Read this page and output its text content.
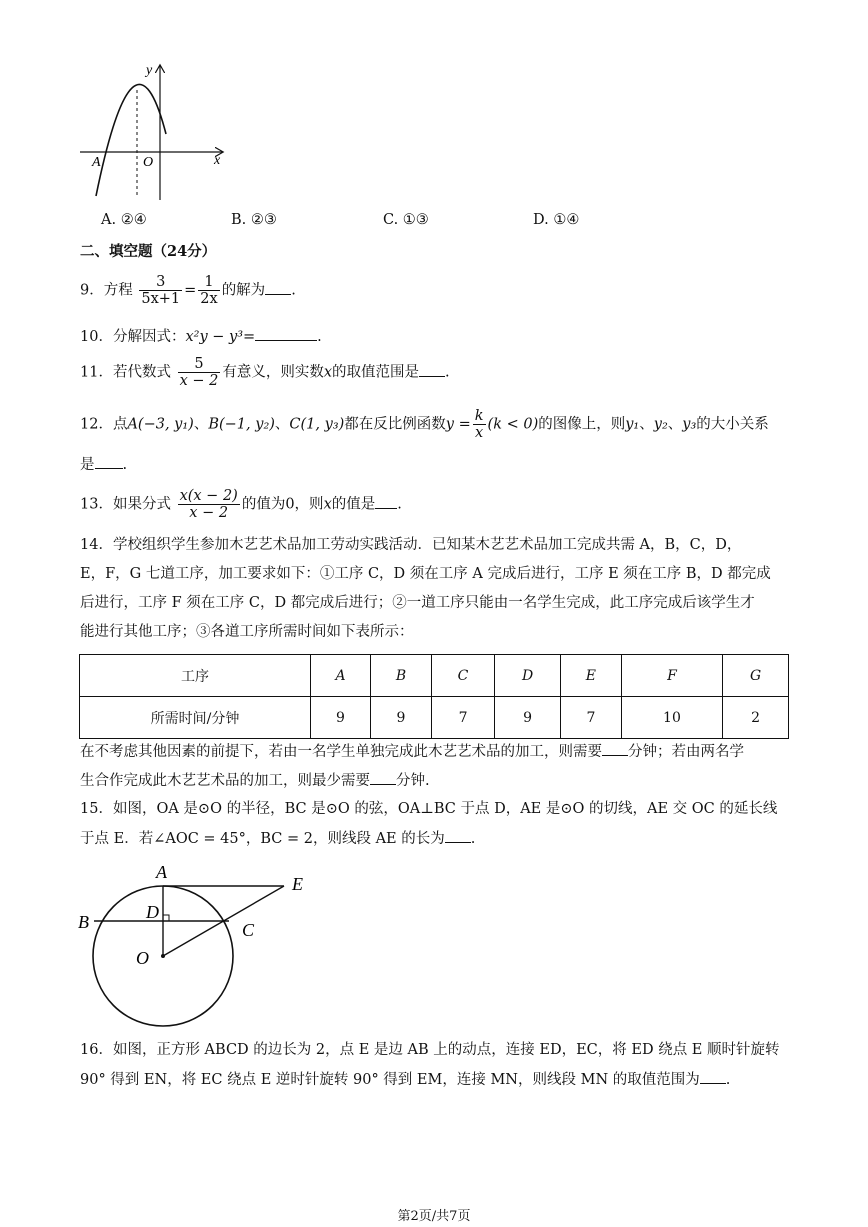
y
x
O
A
A. ②④	B. ②③	C. ①③	D. ①④
二、填空题（24分）
9．方程 $\frac{3}{5x+1} = \frac{1}{2x}$ 的解为 .
10．分解因式：x²y − y³=	.
11．若代数式 $\frac{5}{x - 2}$ 有意义，则实数x的取值范围是 .
12．点A(−3, y₁)、B(−1, y₂)、C(1, y₃)都在反比例函数$y = \frac{k}{x} (k < 0)$的图像上，则y₁、y₂、y₃的大小关系
是 .
13．如果分式 $\frac{x(x - 2)}{x - 2}$ 的值为0，则x的值是 .
14．学校组织学生参加木艺艺术品加工劳动实践活动．已知某木艺艺术品加工完成共需 A，B，C，D，
E，F，G 七道工序，加工要求如下：①工序 C，D 须在工序 A 完成后进行，工序 E 须在工序 B，D 都完成
后进行，工序 F 须在工序 C，D 都完成后进行；②一道工序只能由一名学生完成，此工序完成后该学生才
能进行其他工序；③各道工序所需时间如下表所示：
工序	A	B	C	D	E	F	G
所需时间/分钟	9	9	7	9	7	10	2
在不考虑其他因素的前提下，若由一名学生单独完成此木艺艺术品的加工，则需要 分钟；若由两名学
生合作完成此木艺艺术品的加工，则最少需要 分钟.
15．如图，OA 是⊙O 的半径，BC 是⊙O 的弦，OA⊥BC 于点 D，AE 是⊙O 的切线，AE 交 OC 的延长线
于点 E．若∠AOC = 45°，BC = 2，则线段 AE 的长为 .
A
B	C
D
E
O
16．如图，正方形 ABCD 的边长为 2，点 E 是边 AB 上的动点，连接 ED，EC，将 ED 绕点 E 顺时针旋转
90° 得到 EN，将 EC 绕点 E 逆时针旋转 90° 得到 EM，连接 MN，则线段 MN 的取值范围为 .
第2页/共7页
